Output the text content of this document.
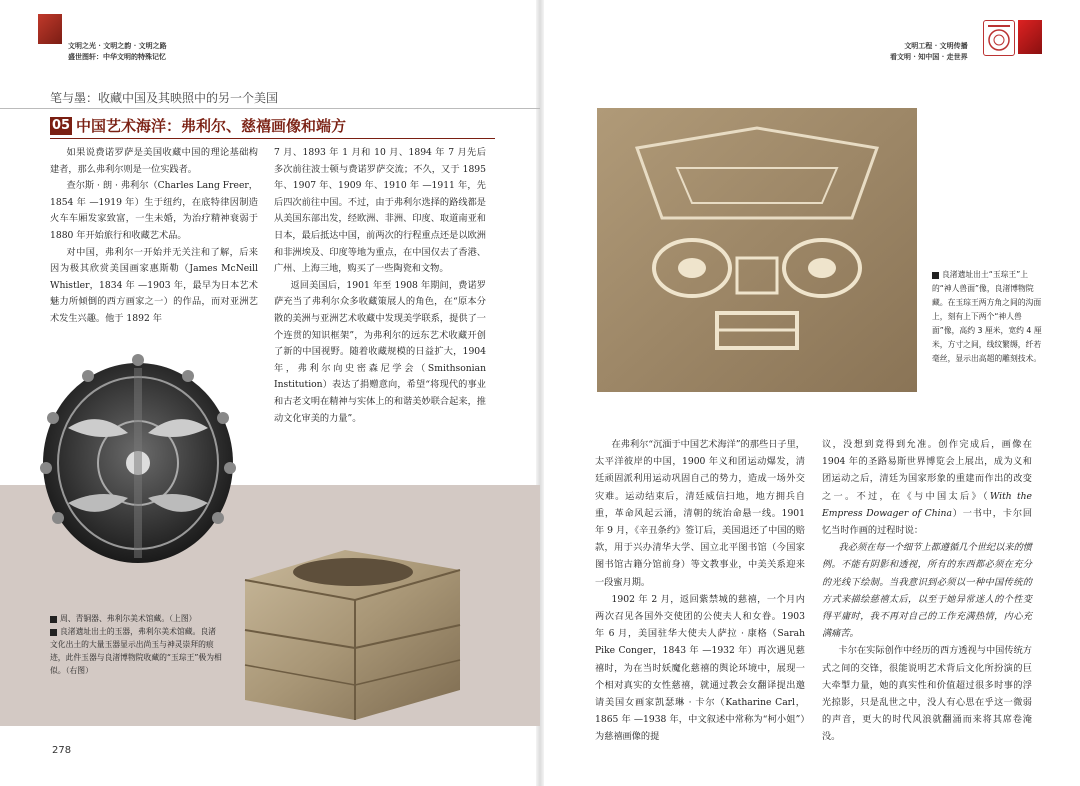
文明之光 · 文明之韵 · 文明之路
盛世图轩：中华文明的特殊记忆
文明工程 · 文明传播
看文明 · 知中国 · 走世界
笔与墨：收藏中国及其映照中的另一个美国
05 中国艺术海洋：弗利尔、慈禧画像和端方

如果说费诺罗萨是美国收藏中国的理论基础构建者，那么弗利尔则是一位实践者。

查尔斯 · 朗 · 弗利尔（Charles Lang Freer，1854 年 —1919 年）生于纽约，在底特律因制造火车车厢发家致富，一生未婚，为治疗精神衰弱于1880 年开始旅行和收藏艺术品。

对中国，弗利尔一开始并无关注和了解，后来因为极其欣赏美国画家惠斯勒（James McNeill Whistler，1834 年 —1903 年，最早为日本艺术魅力所倾倒的西方画家之一）的作品，而对亚洲艺术发生兴趣。他于 1892 年

7 月、1893 年 1 月和 10 月、1894 年 7 月先后多次前往波士顿与费诺罗萨交流；不久，又于 1895 年、1907 年、1909 年、1910 年 —1911 年，先后四次前往中国。不过，由于弗利尔选择的路线都是从美国东部出发，经欧洲、非洲、印度、取道南亚和日本，最后抵达中国，前两次的行程重点还是以欧洲和非洲埃及、印度等地为重点，在中国仅去了香港、广州、上海三地，购买了一些陶瓷和文物。

返回美国后，1901 年至 1908 年期间，费诺罗萨充当了弗利尔众多收藏策展人的角色，在“原本分散的美洲与亚洲艺术收藏中发现美学联系，提供了一个连贯的知识框架”，为弗利尔的远东艺术收藏开创了新的中国视野。随着收藏规模的日益扩大，1904 年，弗利尔向史密森尼学会（Smithsonian Institution）表达了捐赠意向，希望“将现代的事业和古老文明在精神与实体上的和谐美妙联合起来，推动文化审美的力量”。

周、青铜器、弗利尔美术馆藏。（上图）
良渚遗址出土的玉器，弗利尔美术馆藏。良渚文化出土的大量玉器显示出尚玉与神灵崇拜的痕迹，此件玉器与良渚博物院收藏的“玉琮王”极为相似。（右图）
278
良渚遗址出土“玉琮王”上的“神人兽面”像，良渚博物院藏。在玉琮王两方角之间的沟面上，刻有上下两个“神人兽面”像，高约 3 厘米，宽约 4 厘米，方寸之间，线纹繁缛，纤若毫丝，显示出高超的雕刻技术。

在弗利尔“沉湎于中国艺术海洋”的那些日子里，太平洋彼岸的中国，1900 年义和团运动爆发，清廷顽固派利用运动巩固自己的势力，造成一场外交灾难。运动结束后，清廷威信扫地，地方拥兵自重，革命风起云涌，清朝的统治命悬一线。1901 年 9 月，《辛丑条约》签订后，美国退还了中国的赔款，用于兴办清华大学、国立北平图书馆（今国家图书馆古籍分馆前身）等文教事业，中美关系迎来一段蜜月期。

1902 年 2 月，返回紫禁城的慈禧，一个月内两次召见各国外交使团的公使夫人和女眷。1903 年 6 月，美国驻华大使夫人萨拉 · 康格（Sarah Pike Conger，1843 年 —1932 年）再次遇见慈禧时，为在当时妖魔化慈禧的舆论环境中，展现一个相对真实的女性慈禧，就通过教会女翻译提出邀请美国女画家凯瑟琳 · 卡尔（Katharine Carl，1865 年 —1938 年，中文叙述中常称为“柯小姐”）为慈禧画像的提

议，没想到竟得到允准。创作完成后，画像在 1904 年的圣路易斯世界博览会上展出，成为义和团运动之后，清廷为国家形象的重建而作出的改变之一。不过，在《与中国太后》（With the Empress Dowager of China）一书中，卡尔回忆当时作画的过程时说：

我必须在每一个细节上都遵循几个世纪以来的惯例。不能有阴影和透视，所有的东西都必须在充分的光线下绘制。当我意识到必须以一种中国传统的方式来描绘慈禧太后，以至于她异常迷人的个性变得平庸时，我不再对自己的工作充满热情，内心充满痛苦。

卡尔在实际创作中经历的西方透视与中国传统方式之间的交锋，很能说明艺术背后文化所扮演的巨大牵掣力量，她的真实性和价值超过很多时事的浮光掠影，只是乱世之中，没人有心思在乎这一微弱的声音，更大的时代风浪就翻涌而来将其席卷淹没。
